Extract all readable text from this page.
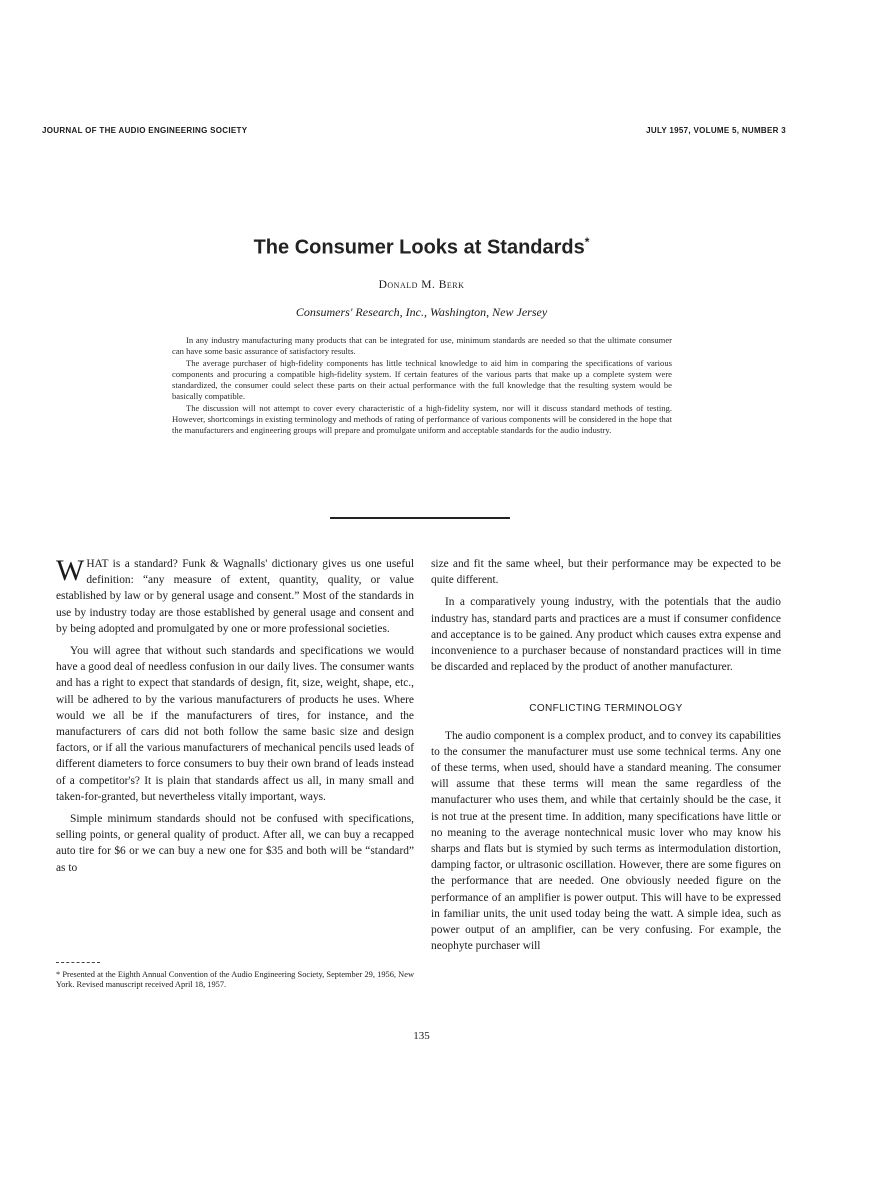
JOURNAL OF THE AUDIO ENGINEERING SOCIETY	JULY 1957, VOLUME 5, NUMBER 3
The Consumer Looks at Standards*
Donald M. Berk
Consumers' Research, Inc., Washington, New Jersey

In any industry manufacturing many products that can be integrated for use, minimum standards are needed so that the ultimate consumer can have some basic assurance of satisfactory results.

The average purchaser of high-fidelity components has little technical knowledge to aid him in comparing the specifications of various components and procuring a compatible high-fidelity system. If certain features of the various parts that make up a complete system were standardized, the consumer could select these parts on their actual performance with the full knowledge that the resulting system would be basically compatible.

The discussion will not attempt to cover every characteristic of a high-fidelity system, nor will it discuss standard methods of testing. However, shortcomings in existing terminology and methods of rating of performance of various components will be considered in the hope that the manufacturers and engineering groups will prepare and promulgate uniform and acceptable standards for the audio industry.

WHAT is a standard? Funk & Wagnalls' dictionary gives us one useful definition: “any measure of extent, quantity, quality, or value established by law or by general usage and consent.” Most of the standards in use by industry today are those established by general usage and consent and by being adopted and promulgated by one or more professional societies.

You will agree that without such standards and specifications we would have a good deal of needless confusion in our daily lives. The consumer wants and has a right to expect that standards of design, fit, size, weight, shape, etc., will be adhered to by the various manufacturers of products he uses. Where would we all be if the manufacturers of tires, for instance, and the manufacturers of cars did not both follow the same basic size and design factors, or if all the various manufacturers of mechanical pencils used leads of different diameters to force consumers to buy their own brand of leads instead of a competitor's? It is plain that standards affect us all, in many small and taken-for-granted, but nevertheless vitally important, ways.

Simple minimum standards should not be confused with specifications, selling points, or general quality of product. After all, we can buy a recapped auto tire for $6 or we can buy a new one for $35 and both will be “standard” as to

size and fit the same wheel, but their performance may be expected to be quite different.

In a comparatively young industry, with the potentials that the audio industry has, standard parts and practices are a must if consumer confidence and acceptance is to be gained. Any product which causes extra expense and inconvenience to a purchaser because of nonstandard practices will in time be discarded and replaced by the product of another manufacturer.

CONFLICTING TERMINOLOGY

The audio component is a complex product, and to convey its capabilities to the consumer the manufacturer must use some technical terms. Any one of these terms, when used, should have a standard meaning. The consumer will assume that these terms will mean the same regardless of the manufacturer who uses them, and while that certainly should be the case, it is not true at the present time. In addition, many specifications have little or no meaning to the average nontechnical music lover who may know his sharps and flats but is stymied by such terms as intermodulation distortion, damping factor, or ultrasonic oscillation. However, there are some figures on the performance that are needed. One obviously needed figure on the performance of an amplifier is power output. This will have to be expressed in familiar units, the unit used today being the watt. A simple idea, such as power output of an amplifier, can be very confusing. For example, the neophyte purchaser will

* Presented at the Eighth Annual Convention of the Audio Engineering Society, September 29, 1956, New York. Revised manuscript received April 18, 1957.
135
